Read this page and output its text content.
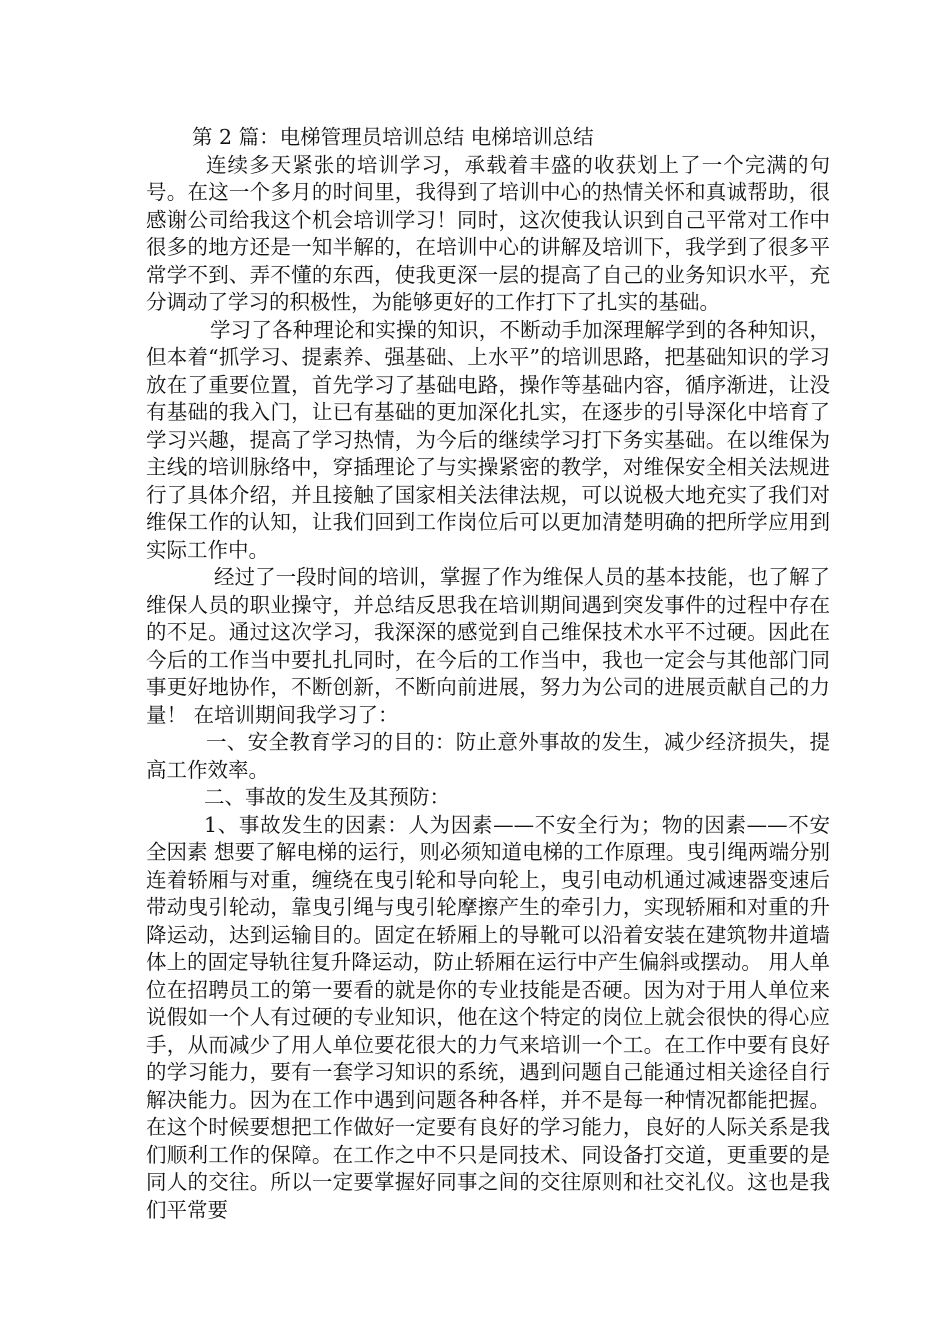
第 2 篇：电梯管理员培训总结 电梯培训总结

连续多天紧张的培训学习，承载着丰盛的收获划上了一个完满的句号。在这一个多月的时间里，我得到了培训中心的热情关怀和真诚帮助，很感谢公司给我这个机会培训学习！同时，这次使我认识到自己平常对工作中很多的地方还是一知半解的，在培训中心的讲解及培训下，我学到了很多平常学不到、弄不懂的东西，使我更深一层的提高了自己的业务知识水平，充分调动了学习的积极性，为能够更好的工作打下了扎实的基础。

学习了各种理论和实操的知识，不断动手加深理解学到的各种知识，但本着“抓学习、提素养、强基础、上水平”的培训思路，把基础知识的学习放在了重要位置，首先学习了基础电路，操作等基础内容，循序渐进，让没有基础的我入门，让已有基础的更加深化扎实，在逐步的引导深化中培育了学习兴趣，提高了学习热情，为今后的继续学习打下务实基础。在以维保为主线的培训脉络中，穿插理论了与实操紧密的教学，对维保安全相关法规进行了具体介绍，并且接触了国家相关法律法规，可以说极大地充实了我们对维保工作的认知，让我们回到工作岗位后可以更加清楚明确的把所学应用到实际工作中。

经过了一段时间的培训，掌握了作为维保人员的基本技能，也了解了维保人员的职业操守，并总结反思我在培训期间遇到突发事件的过程中存在的不足。通过这次学习，我深深的感觉到自己维保技术水平不过硬。因此在今后的工作当中要扎扎同时，在今后的工作当中，我也一定会与其他部门同事更好地协作，不断创新，不断向前进展，努力为公司的进展贡献自己的力量！ 在培训期间我学习了：

一、安全教育学习的目的：防止意外事故的发生，减少经济损失，提高工作效率。

二、事故的发生及其预防：

1、事故发生的因素：人为因素——不安全行为；物的因素——不安全因素 想要了解电梯的运行，则必须知道电梯的工作原理。曳引绳两端分别连着轿厢与对重，缠绕在曳引轮和导向轮上，曳引电动机通过减速器变速后带动曳引轮动，靠曳引绳与曳引轮摩擦产生的牵引力，实现轿厢和对重的升降运动，达到运输目的。固定在轿厢上的导靴可以沿着安装在建筑物井道墙体上的固定导轨往复升降运动，防止轿厢在运行中产生偏斜或摆动。 用人单位在招聘员工的第一要看的就是你的专业技能是否硬。因为对于用人单位来说假如一个人有过硬的专业知识，他在这个特定的岗位上就会很快的得心应手，从而减少了用人单位要花很大的力气来培训一个工。在工作中要有良好的学习能力，要有一套学习知识的系统，遇到问题自己能通过相关途径自行解决能力。因为在工作中遇到问题各种各样，并不是每一种情况都能把握。在这个时候要想把工作做好一定要有良好的学习能力，良好的人际关系是我们顺利工作的保障。在工作之中不只是同技术、同设备打交道，更重要的是同人的交往。所以一定要掌握好同事之间的交往原则和社交礼仪。这也是我们平常要
